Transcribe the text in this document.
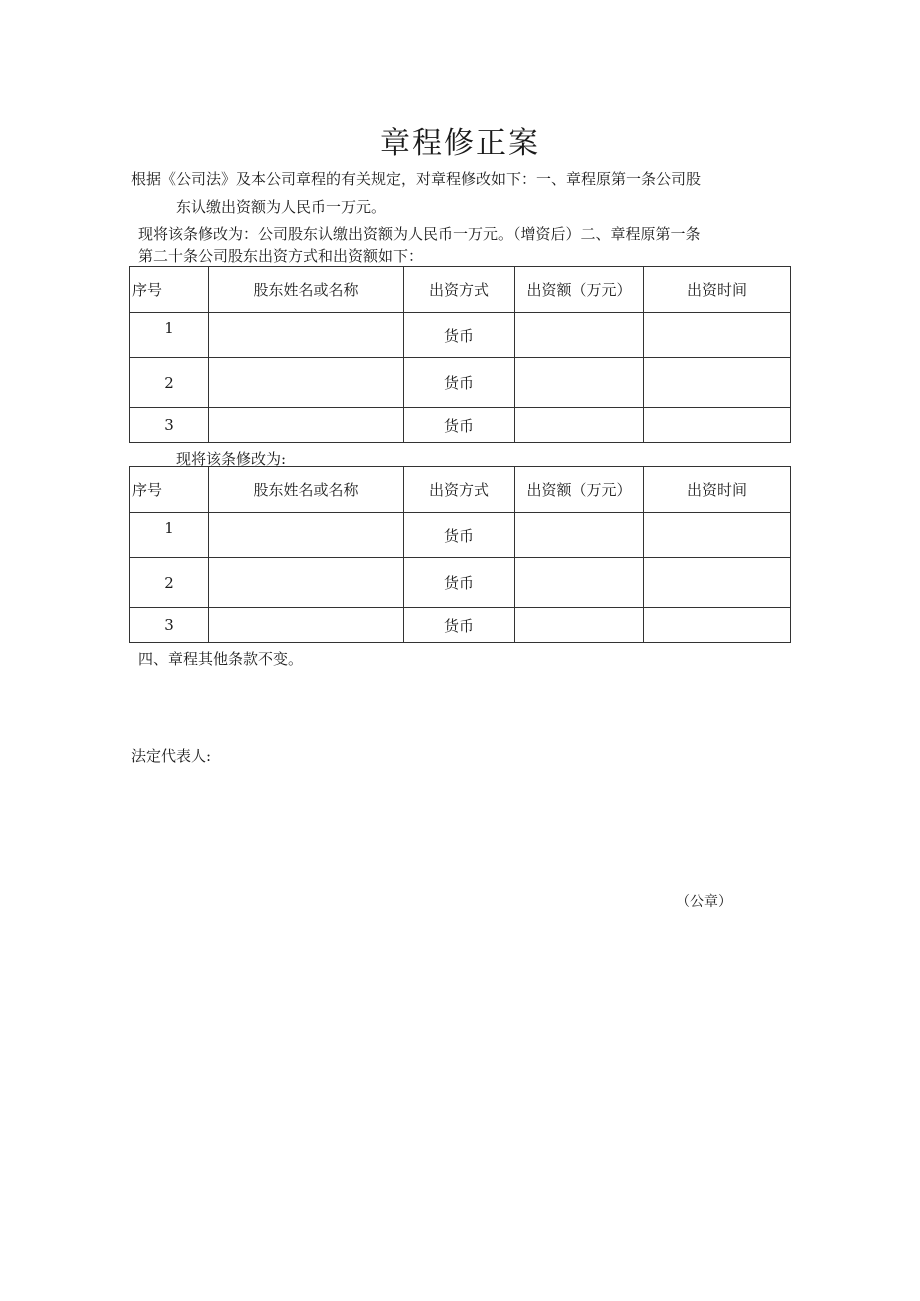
章程修正案
根据《公司法》及本公司章程的有关规定，对章程修改如下：一、章程原第一条公司股
东认缴出资额为人民币一万元。
现将该条修改为：公司股东认缴出资额为人民币一万元。（增资后）二、章程原第一条
第二十条公司股东出资方式和出资额如下：
序号	股东姓名或名称	出资方式	出资额（万元）	出资时间
1		货币		
2		货币		
3		货币		
现将该条修改为:
序号	股东姓名或名称	出资方式	出资额（万元）	出资时间
1		货币		
2		货币		
3		货币		
四、章程其他条款不变。
法定代表人:
（公章）
